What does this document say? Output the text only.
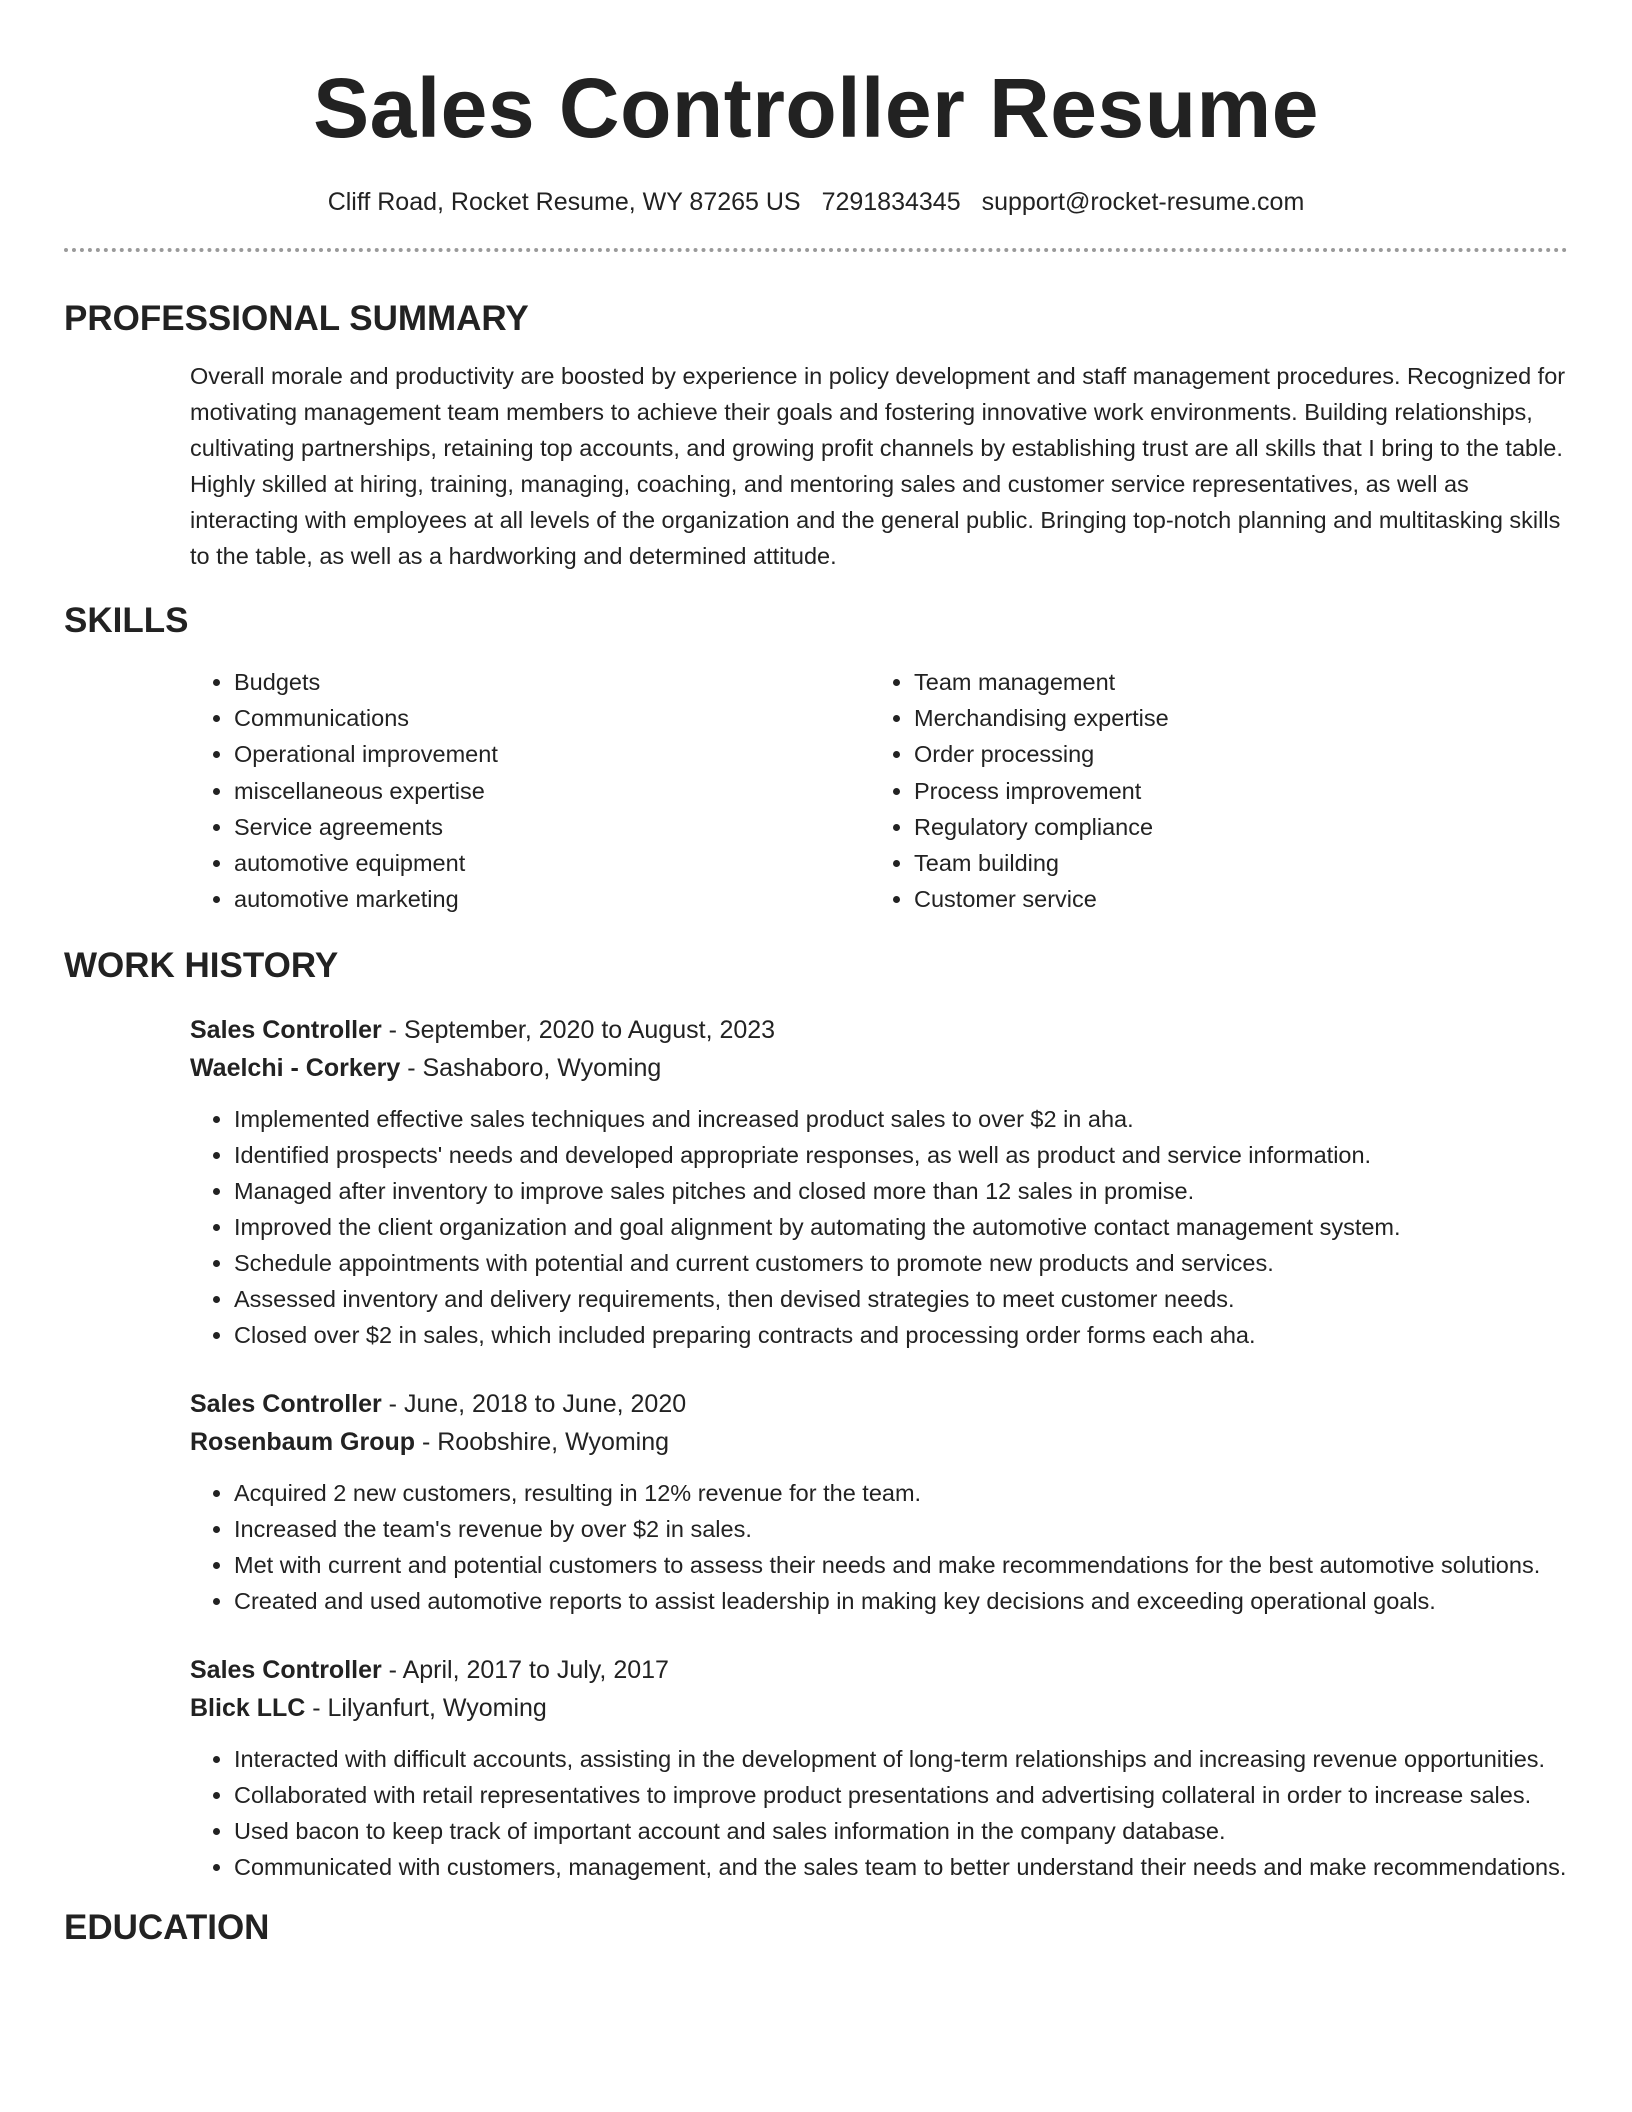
Sales Controller Resume
Cliff Road, Rocket Resume, WY 87265 US 7291834345 support@rocket-resume.com
PROFESSIONAL SUMMARY

Overall morale and productivity are boosted by experience in policy development and staff management procedures. Recognized for motivating management team members to achieve their goals and fostering innovative work environments. Building relationships, cultivating partnerships, retaining top accounts, and growing profit channels by establishing trust are all skills that I bring to the table. Highly skilled at hiring, training, managing, coaching, and mentoring sales and customer service representatives, as well as interacting with employees at all levels of the organization and the general public. Bringing top-notch planning and multitasking skills to the table, as well as a hardworking and determined attitude.

SKILLS
• Budgets
• Communications
• Operational improvement
• miscellaneous expertise
• Service agreements
• automotive equipment
• automotive marketing
• Team management
• Merchandising expertise
• Order processing
• Process improvement
• Regulatory compliance
• Team building
• Customer service
WORK HISTORY
Sales Controller - September, 2020 to August, 2023
Waelchi - Corkery - Sashaboro, Wyoming
• Implemented effective sales techniques and increased product sales to over $2 in aha.
• Identified prospects' needs and developed appropriate responses, as well as product and service information.
• Managed after inventory to improve sales pitches and closed more than 12 sales in promise.
• Improved the client organization and goal alignment by automating the automotive contact management system.
• Schedule appointments with potential and current customers to promote new products and services.
• Assessed inventory and delivery requirements, then devised strategies to meet customer needs.
• Closed over $2 in sales, which included preparing contracts and processing order forms each aha.
Sales Controller - June, 2018 to June, 2020
Rosenbaum Group - Roobshire, Wyoming
• Acquired 2 new customers, resulting in 12% revenue for the team.
• Increased the team's revenue by over $2 in sales.
• Met with current and potential customers to assess their needs and make recommendations for the best automotive solutions.
• Created and used automotive reports to assist leadership in making key decisions and exceeding operational goals.
Sales Controller - April, 2017 to July, 2017
Blick LLC - Lilyanfurt, Wyoming
• Interacted with difficult accounts, assisting in the development of long-term relationships and increasing revenue opportunities.
• Collaborated with retail representatives to improve product presentations and advertising collateral in order to increase sales.
• Used bacon to keep track of important account and sales information in the company database.
• Communicated with customers, management, and the sales team to better understand their needs and make recommendations.
EDUCATION
